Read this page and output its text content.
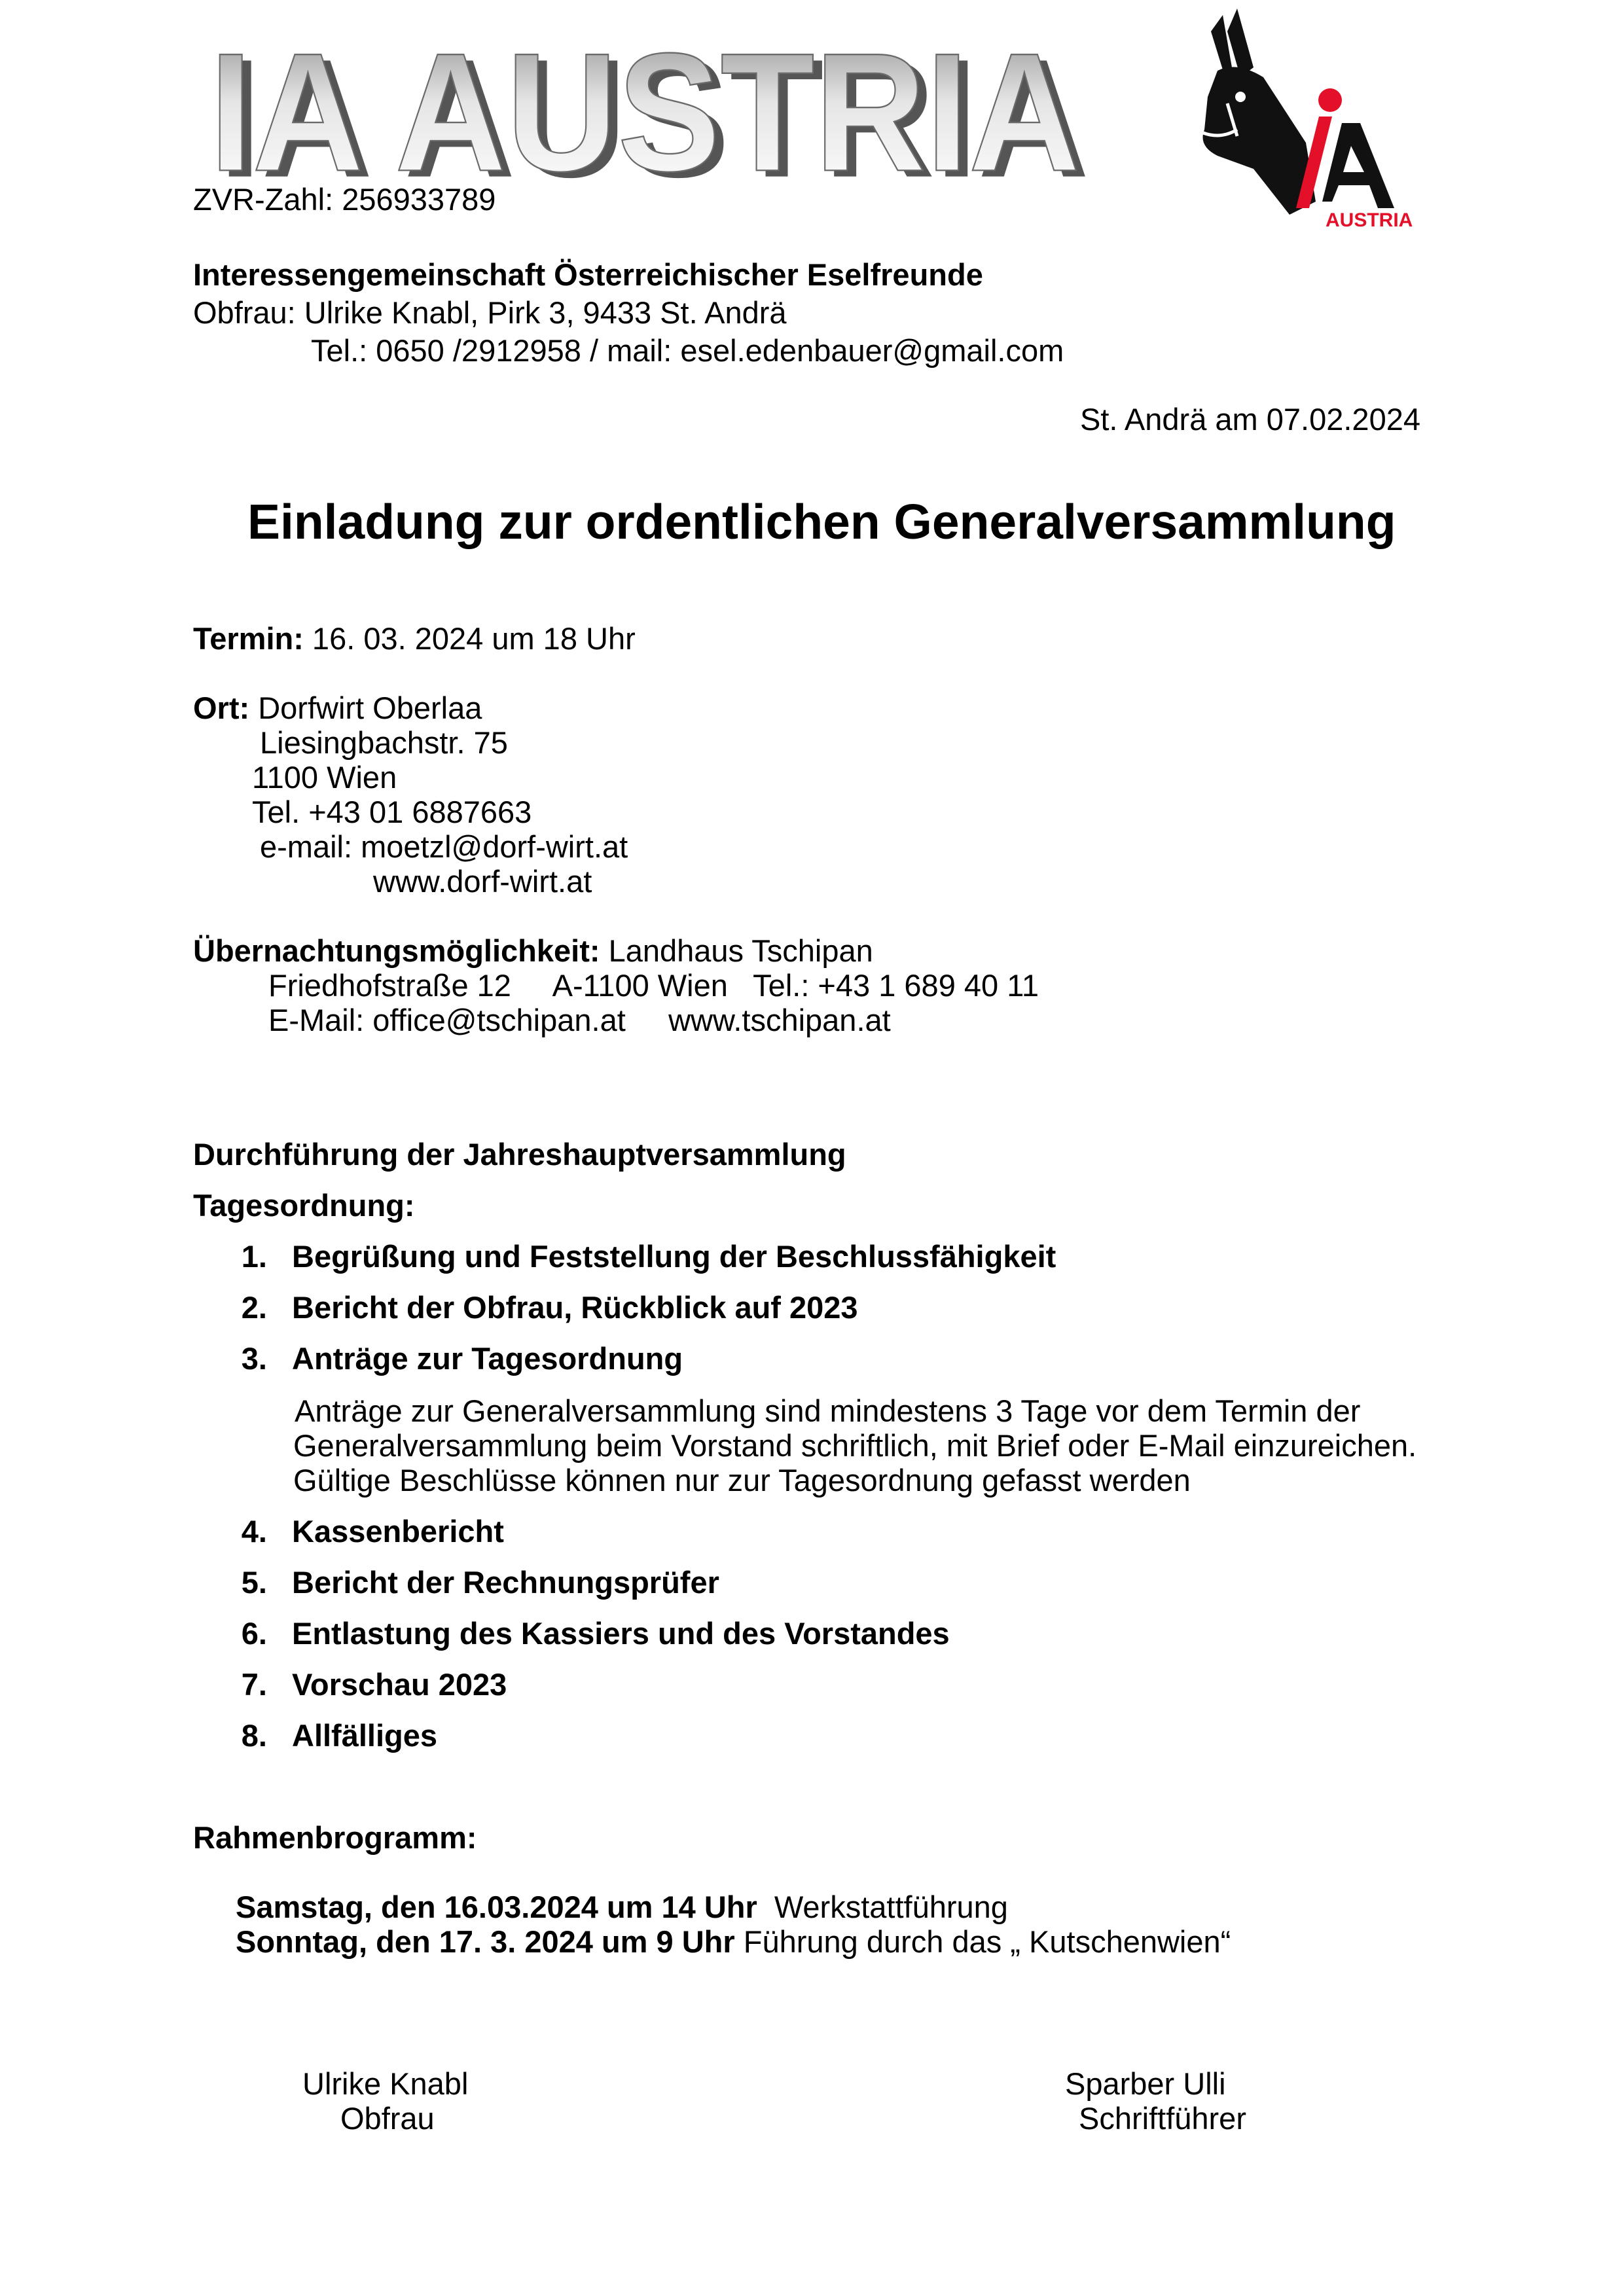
IA AUSTRIA
IA AUSTRIA
AUSTRIA
ZVR-Zahl: 256933789
Interessengemeinschaft Österreichischer Eselfreunde
Obfrau: Ulrike Knabl, Pirk 3, 9433 St. Andrä
Tel.: 0650 /2912958 / mail: esel.edenbauer@gmail.com
St. Andrä am 07.02.2024
Einladung zur ordentlichen Generalversammlung
Termin: 16. 03. 2024 um 18 Uhr
Ort: Dorfwirt Oberlaa
Liesingbachstr. 75
1100 Wien
Tel. +43 01 6887663
e-mail: moetzl@dorf-wirt.at
www.dorf-wirt.at
Übernachtungsmöglichkeit: Landhaus Tschipan
Friedhofstraße 12     A-1100 Wien   Tel.: +43 1 689 40 11
E-Mail: office@tschipan.at     www.tschipan.at
Durchführung der Jahreshauptversammlung
Tagesordnung:
1. Begrüßung und Feststellung der Beschlussfähigkeit
2. Bericht der Obfrau, Rückblick auf 2023
3. Anträge zur Tagesordnung
Anträge zur Generalversammlung sind mindestens 3 Tage vor dem Termin der
Generalversammlung beim Vorstand schriftlich, mit Brief oder E-Mail einzureichen.
Gültige Beschlüsse können nur zur Tagesordnung gefasst werden
4. Kassenbericht
5. Bericht der Rechnungsprüfer
6. Entlastung des Kassiers und des Vorstandes
7. Vorschau 2023
8. Allfälliges
Rahmenbrogramm:
Samstag, den 16.03.2024 um 14 Uhr  Werkstattführung
Sonntag, den 17. 3. 2024 um 9 Uhr Führung durch das „ Kutschenwien“
Ulrike Knabl
Obfrau
Sparber Ulli
Schriftführer
